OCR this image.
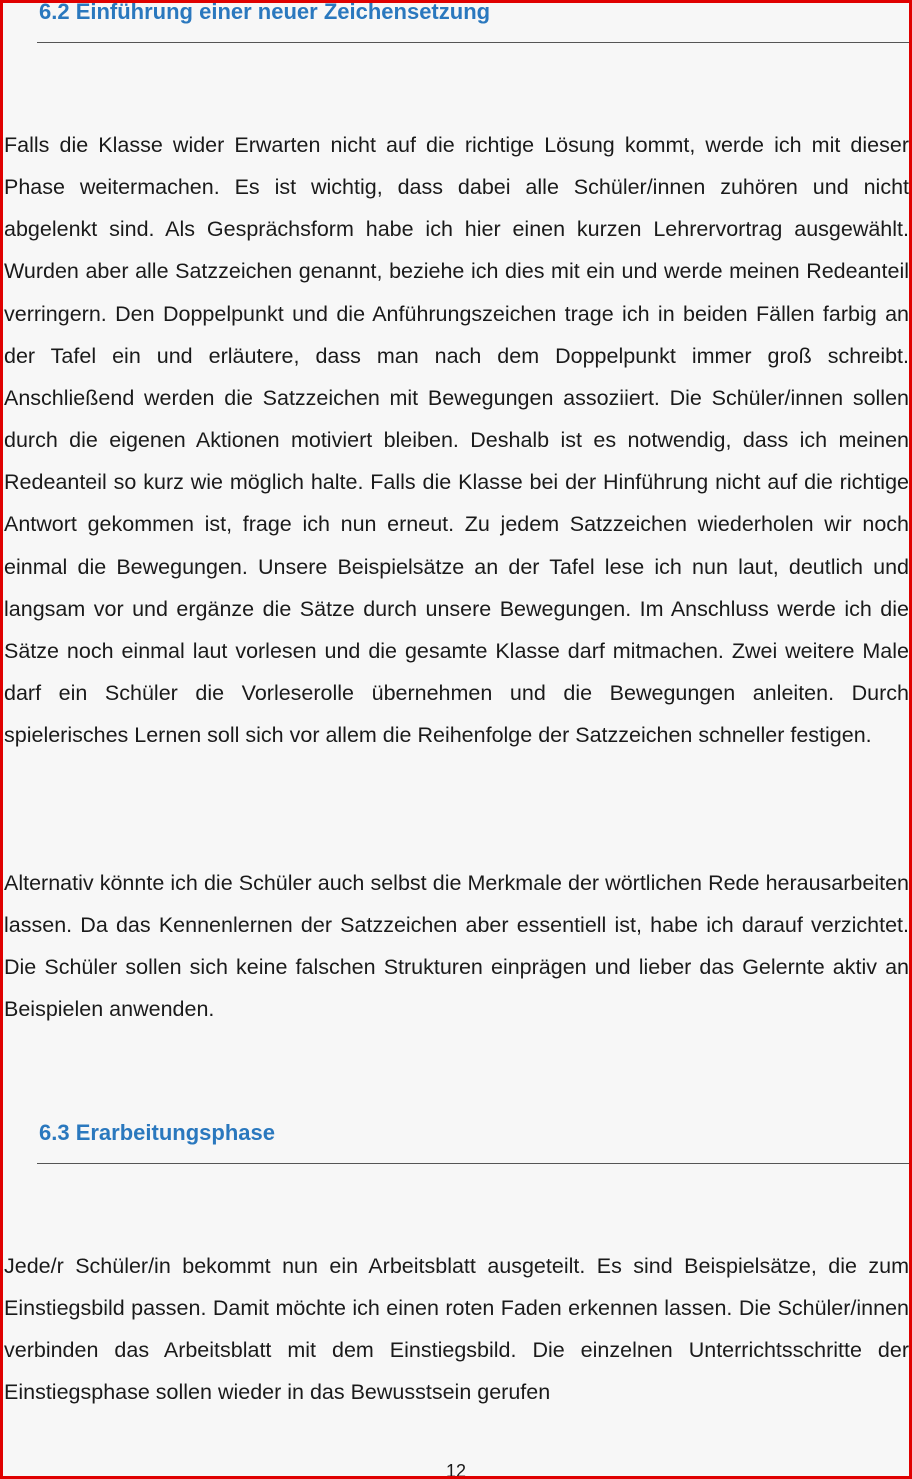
6.2 Einführung einer neuer Zeichensetzung

Falls die Klasse wider Erwarten nicht auf die richtige Lösung kommt, werde ich mit dieser Phase weitermachen. Es ist wichtig, dass dabei alle Schüler/innen zuhören und nicht abgelenkt sind. Als Gesprächsform habe ich hier einen kurzen Lehrervortrag ausgewählt. Wurden aber alle Satzzeichen genannt, beziehe ich dies mit ein und werde meinen Redeanteil verringern. Den Doppelpunkt und die Anführungszeichen trage ich in beiden Fällen farbig an der Tafel ein und erläutere, dass man nach dem Doppelpunkt immer groß schreibt. Anschließend werden die Satzzeichen mit Bewegungen assoziiert. Die Schüler/innen sollen durch die eigenen Aktionen motiviert bleiben. Deshalb ist es notwendig, dass ich meinen Redeanteil so kurz wie möglich halte. Falls die Klasse bei der Hinführung nicht auf die richtige Antwort gekommen ist, frage ich nun erneut. Zu jedem Satzzeichen wiederholen wir noch einmal die Bewegungen. Unsere Beispielsätze an der Tafel lese ich nun laut, deutlich und langsam vor und ergänze die Sätze durch unsere Bewegungen. Im Anschluss werde ich die Sätze noch einmal laut vorlesen und die gesamte Klasse darf mitmachen. Zwei weitere Male darf ein Schüler die Vorleserolle übernehmen und die Bewegungen anleiten. Durch spielerisches Lernen soll sich vor allem die Reihenfolge der Satzzeichen schneller festigen.

Alternativ könnte ich die Schüler auch selbst die Merkmale der wörtlichen Rede herausarbeiten lassen. Da das Kennenlernen der Satzzeichen aber essentiell ist, habe ich darauf verzichtet. Die Schüler sollen sich keine falschen Strukturen einprägen und lieber das Gelernte aktiv an Beispielen anwenden.

6.3 Erarbeitungsphase

Jede/r Schüler/in bekommt nun ein Arbeitsblatt ausgeteilt. Es sind Beispielsätze, die zum Einstiegsbild passen. Damit möchte ich einen roten Faden erkennen lassen. Die Schüler/innen verbinden das Arbeitsblatt mit dem Einstiegsbild. Die einzelnen Unterrichtsschritte der Einstiegsphase sollen wieder in das Bewusstsein gerufen

12
